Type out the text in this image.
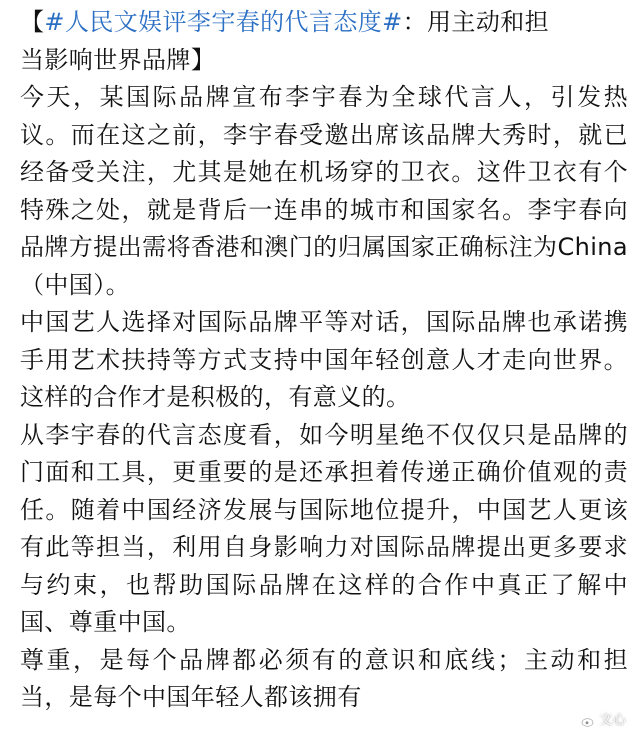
【#人民文娱评李宇春的代言态度#：用主动和担
当影响世界品牌】

今天，某国际品牌宣布李宇春为全球代言人，引发热议。而在这之前，李宇春受邀出席该品牌大秀时，就已经备受关注，尤其是她在机场穿的卫衣。这件卫衣有个特殊之处，就是背后一连串的城市和国家名。李宇春向品牌方提出需将香港和澳门的归属国家正确标注为China（中国）。

中国艺人选择对国际品牌平等对话，国际品牌也承诺携手用艺术扶持等方式支持中国年轻创意人才走向世界。这样的合作才是积极的，有意义的。

从李宇春的代言态度看，如今明星绝不仅仅只是品牌的门面和工具，更重要的是还承担着传递正确价值观的责任。随着中国经济发展与国际地位提升，中国艺人更该有此等担当，利用自身影响力对国际品牌提出更多要求与约束，也帮助国际品牌在这样的合作中真正了解中国、尊重中国。

尊重，是每个品牌都必须有的意识和底线；主动和担当，是每个中国年轻人都该拥有

文心
